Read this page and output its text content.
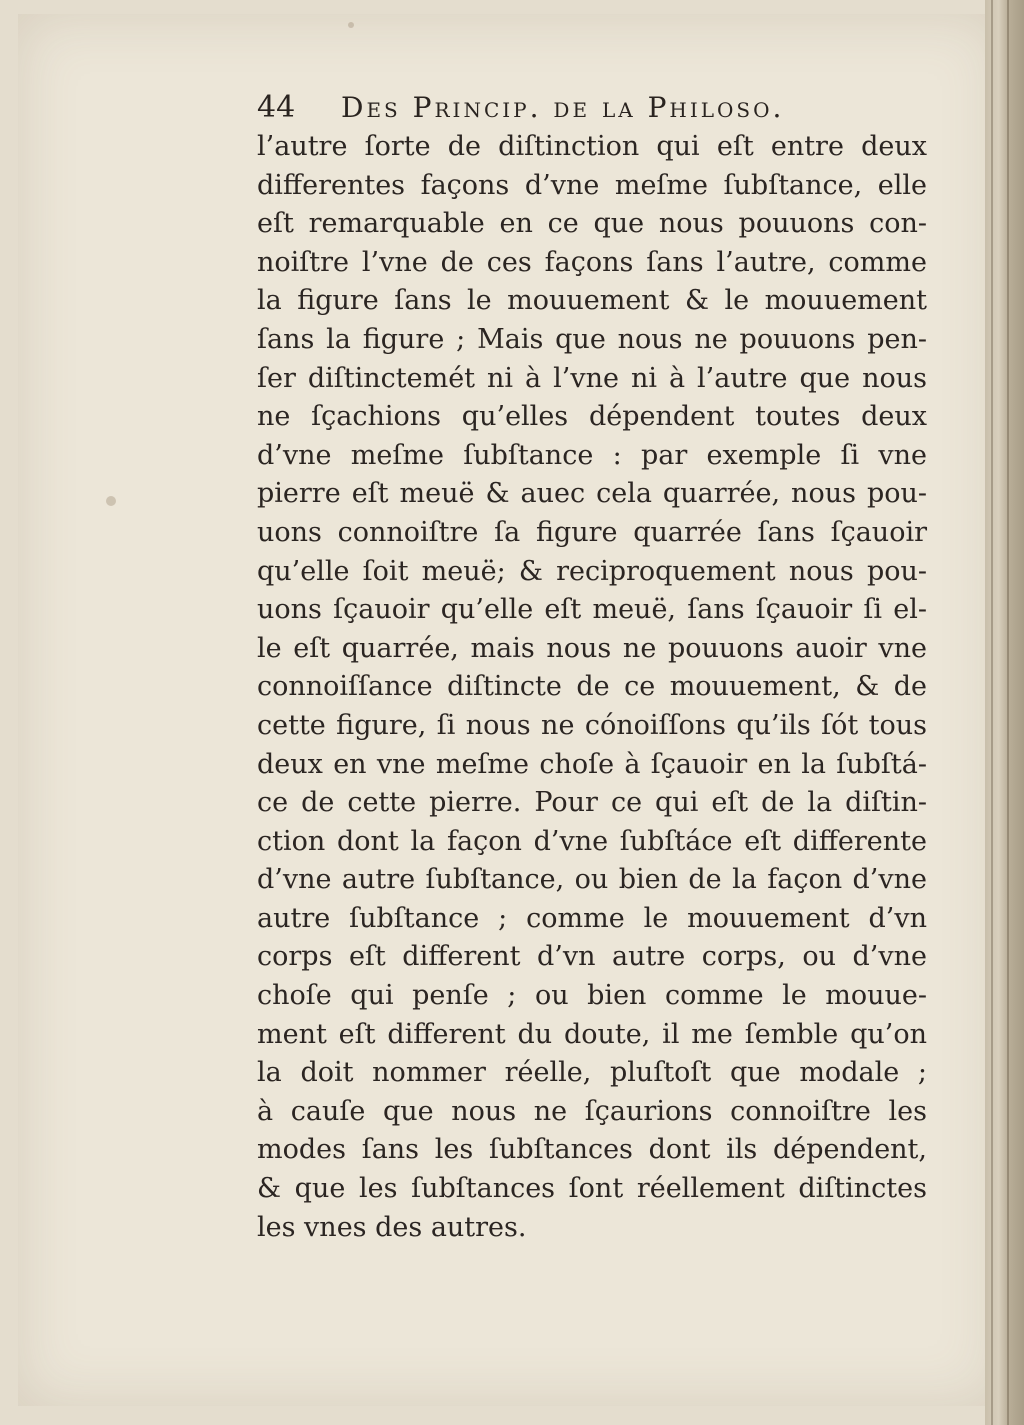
44 Des Princip. de la Philoso.
l’autre ſorte de diſtinction qui eſt entre deux
differentes façons d’vne meſme ſubſtance, elle
eſt remarquable en ce que nous pouuons con-
noiſtre l’vne de ces façons ſans l’autre, comme
la figure ſans le mouuement & le mouuement
ſans la figure ; Mais que nous ne pouuons pen-
ſer diſtinctemét ni à l’vne ni à l’autre que nous
ne ſçachions qu’elles dépendent toutes deux
d’vne meſme ſubſtance : par exemple ſi vne
pierre eſt meuë & auec cela quarrée, nous pou-
uons connoiſtre ſa figure quarrée ſans ſçauoir
qu’elle ſoit meuë; & reciproquement nous pou-
uons ſçauoir qu’elle eſt meuë, ſans ſçauoir ſi el-
le eſt quarrée, mais nous ne pouuons auoir vne
connoiſſance diſtincte de ce mouuement, & de
cette figure, ſi nous ne cónoiſſons qu’ils ſót tous
deux en vne meſme choſe à ſçauoir en la ſubſtá-
ce de cette pierre. Pour ce qui eſt de la diſtin-
ction dont la façon d’vne ſubſtáce eſt differente
d’vne autre ſubſtance, ou bien de la façon d’vne
autre ſubſtance ; comme le mouuement d’vn
corps eſt different d’vn autre corps, ou d’vne
choſe qui penſe ; ou bien comme le mouue-
ment eſt different du doute, il me ſemble qu’on
la doit nommer réelle, pluſtoſt que modale ;
à cauſe que nous ne ſçaurions connoiſtre les
modes ſans les ſubſtances dont ils dépendent,
& que les ſubſtances ſont réellement diſtinctes
les vnes des autres.
